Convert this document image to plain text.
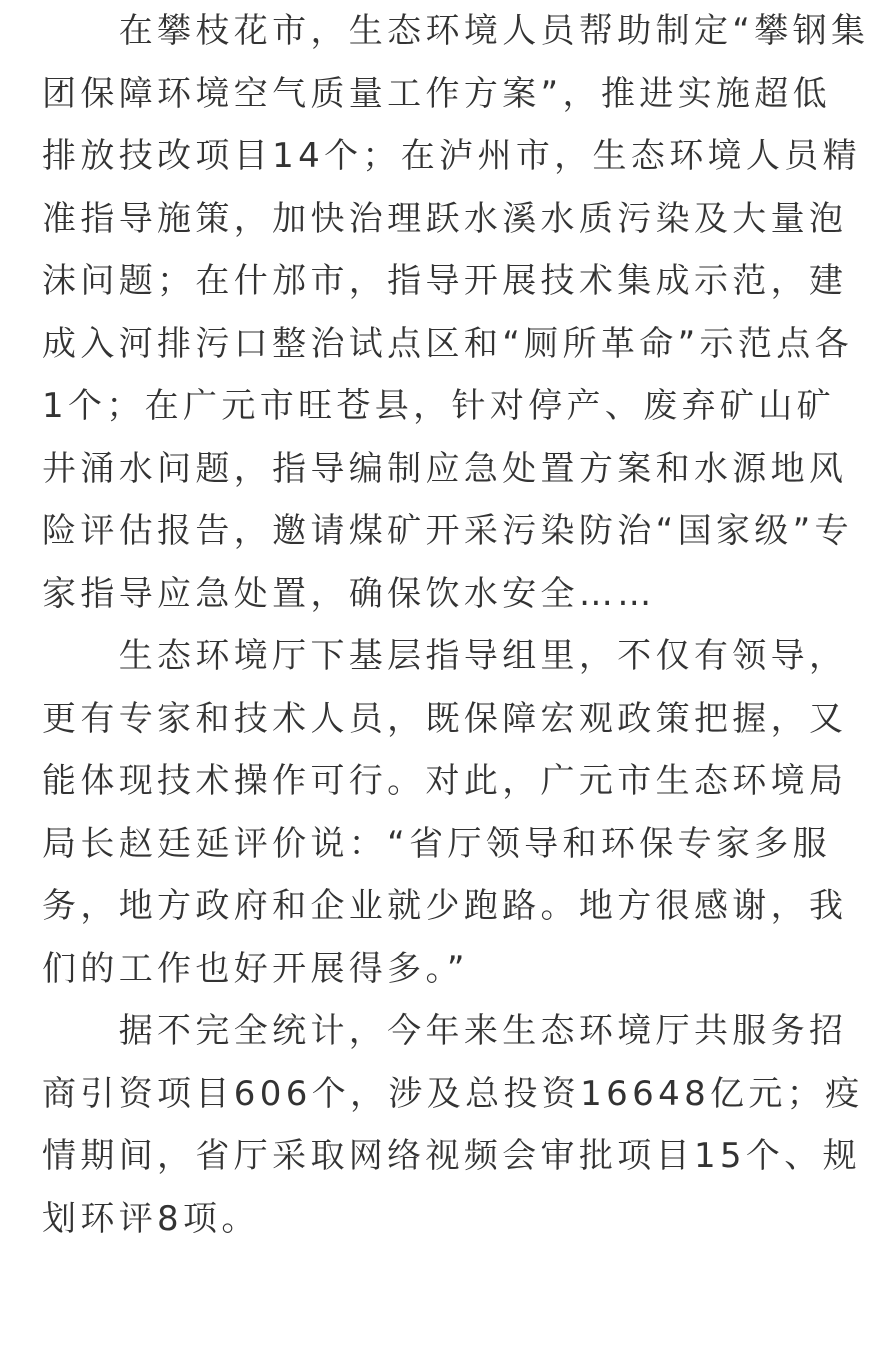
　　在攀枝花市，生态环境人员帮助制定“攀钢集
团保障环境空气质量工作方案”，推进实施超低
排放技改项目14个；在泸州市，生态环境人员精
准指导施策，加快治理跃水溪水质污染及大量泡
沫问题；在什邡市，指导开展技术集成示范，建
成入河排污口整治试点区和“厕所革命”示范点各
1个；在广元市旺苍县，针对停产、废弃矿山矿
井涌水问题，指导编制应急处置方案和水源地风
险评估报告，邀请煤矿开采污染防治“国家级”专
家指导应急处置，确保饮水安全……
　　生态环境厅下基层指导组里，不仅有领导，
更有专家和技术人员，既保障宏观政策把握，又
能体现技术操作可行。对此，广元市生态环境局
局长赵廷延评价说：“省厅领导和环保专家多服
务，地方政府和企业就少跑路。地方很感谢，我
们的工作也好开展得多。”
　　据不完全统计，今年来生态环境厅共服务招
商引资项目606个，涉及总投资16648亿元；疫
情期间，省厅采取网络视频会审批项目15个、规
划环评8项。
